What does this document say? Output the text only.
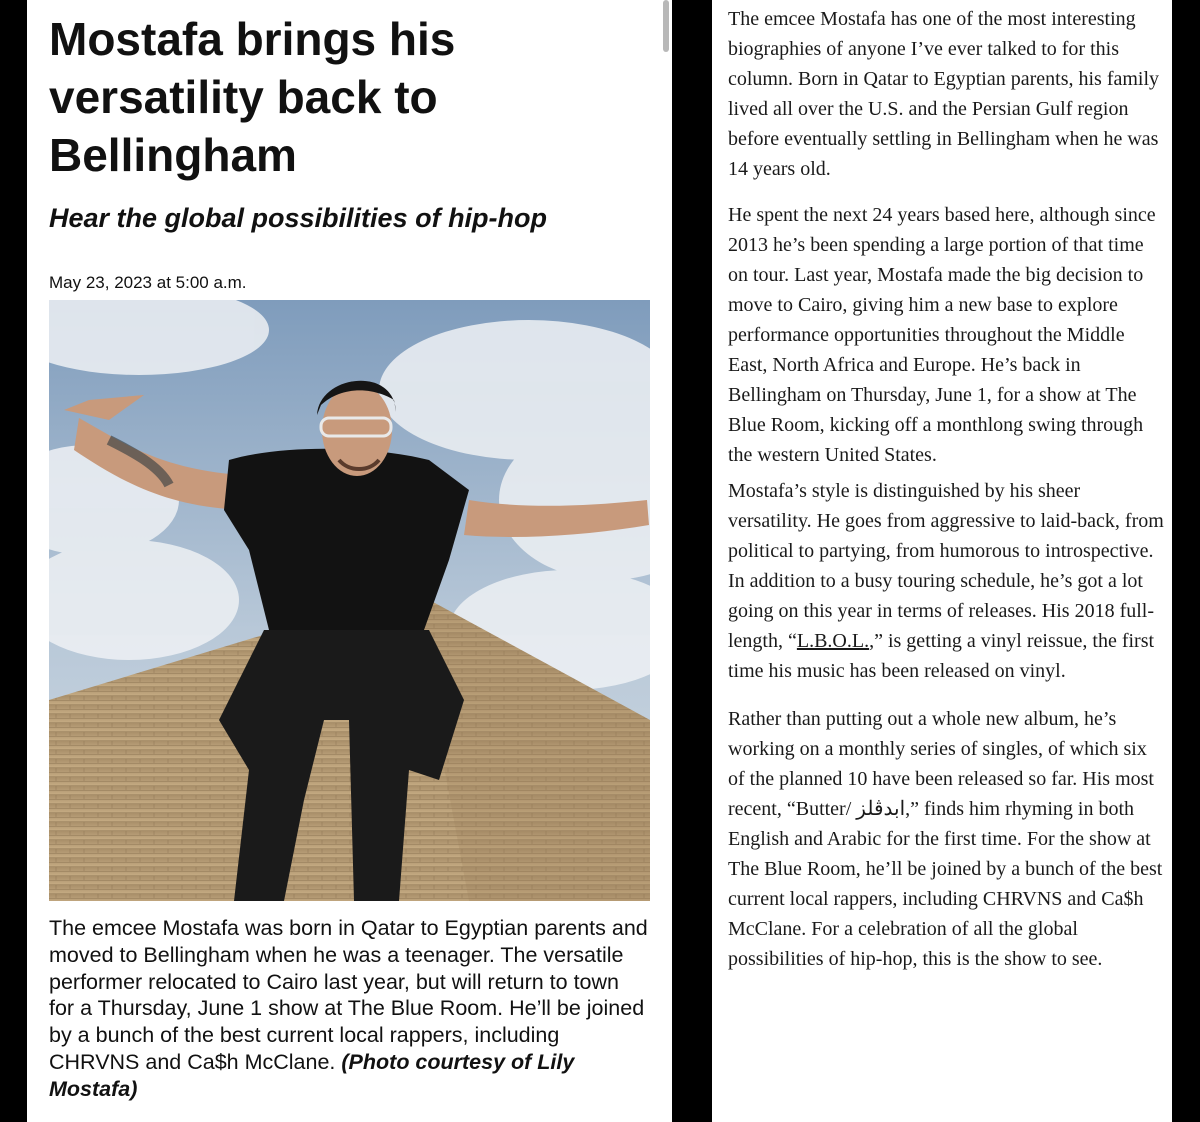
Mostafa brings his versatility back to Bellingham
Hear the global possibilities of hip-hop
May 23, 2023 at 5:00 a.m.

The emcee Mostafa was born in Qatar to Egyptian parents and moved to Bellingham when he was a teenager. The versatile performer relocated to Cairo last year, but will return to town for a Thursday, June 1 show at The Blue Room. He’ll be joined by a bunch of the best current local rappers, including CHRVNS and Ca$h McClane. (Photo courtesy of Lily Mostafa)

The emcee Mostafa has one of the most interesting biographies of anyone I’ve ever talked to for this column. Born in Qatar to Egyptian parents, his family lived all over the U.S. and the Persian Gulf region before eventually settling in Bellingham when he was 14 years old.

He spent the next 24 years based here, although since 2013 he’s been spending a large portion of that time on tour. Last year, Mostafa made the big decision to move to Cairo, giving him a new base to explore performance opportunities throughout the Middle East, North Africa and Europe. He’s back in Bellingham on Thursday, June 1, for a show at The Blue Room, kicking off a monthlong swing through the western United States.

Mostafa’s style is distinguished by his sheer versatility. He goes from aggressive to laid-back, from political to partying, from humorous to introspective. In addition to a busy touring schedule, he’s got a lot going on this year in terms of releases. His 2018 full-length, “L.B.O.L.,” is getting a vinyl reissue, the first time his music has been released on vinyl.

Rather than putting out a whole new album, he’s working on a monthly series of singles, of which six of the planned 10 have been released so far. His most recent, “Butter/ ابدڤلز,” finds him rhyming in both English and Arabic for the first time. For the show at The Blue Room, he’ll be joined by a bunch of the best current local rappers, including CHRVNS and Ca$h McClane. For a celebration of all the global possibilities of hip-hop, this is the show to see.
